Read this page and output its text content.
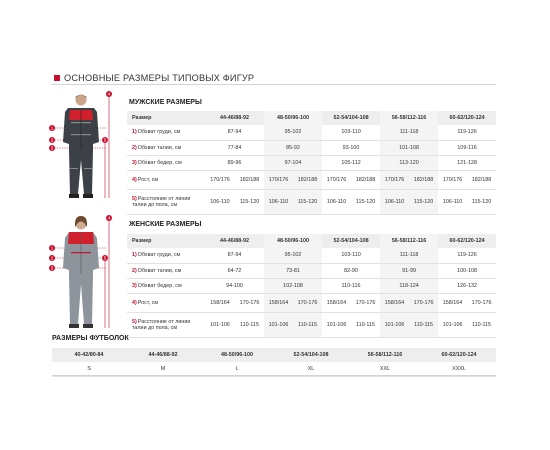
ОСНОВНЫЕ РАЗМЕРЫ ТИПОВЫХ ФИГУР
1
2
3
4
5
МУЖСКИЕ РАЗМЕРЫ
Размер	44-46/88-92		48-50/96-100		52-54/104-108		56-58/112-116		60-62/120-124	
1)Обхват груди, см	87-94		95-102		103-110		111-118		119-126	
2)Обхват талии, см	77-84		85-92		93-100		101-108		109-116	
3)Обхват бедер, см	89-96		97-104		105-112		113-120		121-128	
4)Рост, см	170/176	182/188	170/176	182/188	170/176	182/188	170/176	182/188	170/176	182/188
5)Расстояние от линии талии до пола, см	106-110	115-120	106-110	115-120	106-110	115-120	106-110	115-120	106-110	115-120
1
2
3
4
5
ЖЕНСКИЕ РАЗМЕРЫ
Размер	44-46/88-92		48-50/96-100		52-54/104-108		56-58/112-116		60-62/120-124	
1)Обхват груди, см	87-94		95-102		103-110		111-118		119-126	
2)Обхват талии, см	64-72		73-81		82-90		91-99		100-108	
3)Обхват бедер, см	94-100		102-108		110-116		118-124		126-132	
4)Рост, см	158/164	170-176	158/164	170-176	158/164	170-176	158/164	170-176	158/164	170-176
5)Расстояние от линии талии до пола, см	101-106	110-115	101-106	110-115	101-106	110-115	101-106	110-115	101-106	110-115
РАЗМЕРЫ ФУТБОЛОК
40-42/80-84	44-46/88-92	48-50/96-100	52-54/104-108	56-58/112-116	60-62/120-124
S	M	L	XL	XXL	XXXL
